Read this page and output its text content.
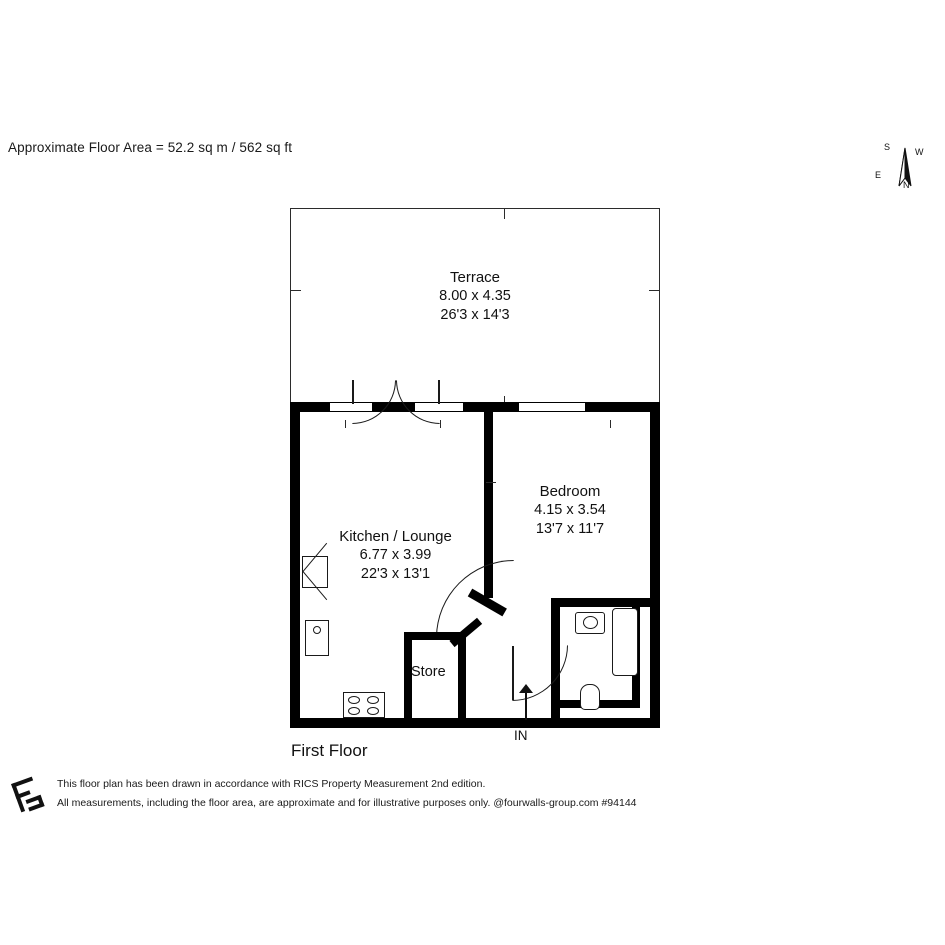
Approximate Floor Area = 52.2 sq m / 562 sq ft
N
S
E
W
Terrace
8.00 x 4.35
26'3 x 14'3
Store
Bedroom
4.15 x 3.54
13'7 x 11'7
Kitchen / Lounge
6.77 x 3.99
22'3 x 13'1
IN
First Floor
This floor plan has been drawn in accordance with RICS Property Measurement 2nd edition.
All measurements, including the floor area, are approximate and for illustrative purposes only. @fourwalls-group.com #94144
